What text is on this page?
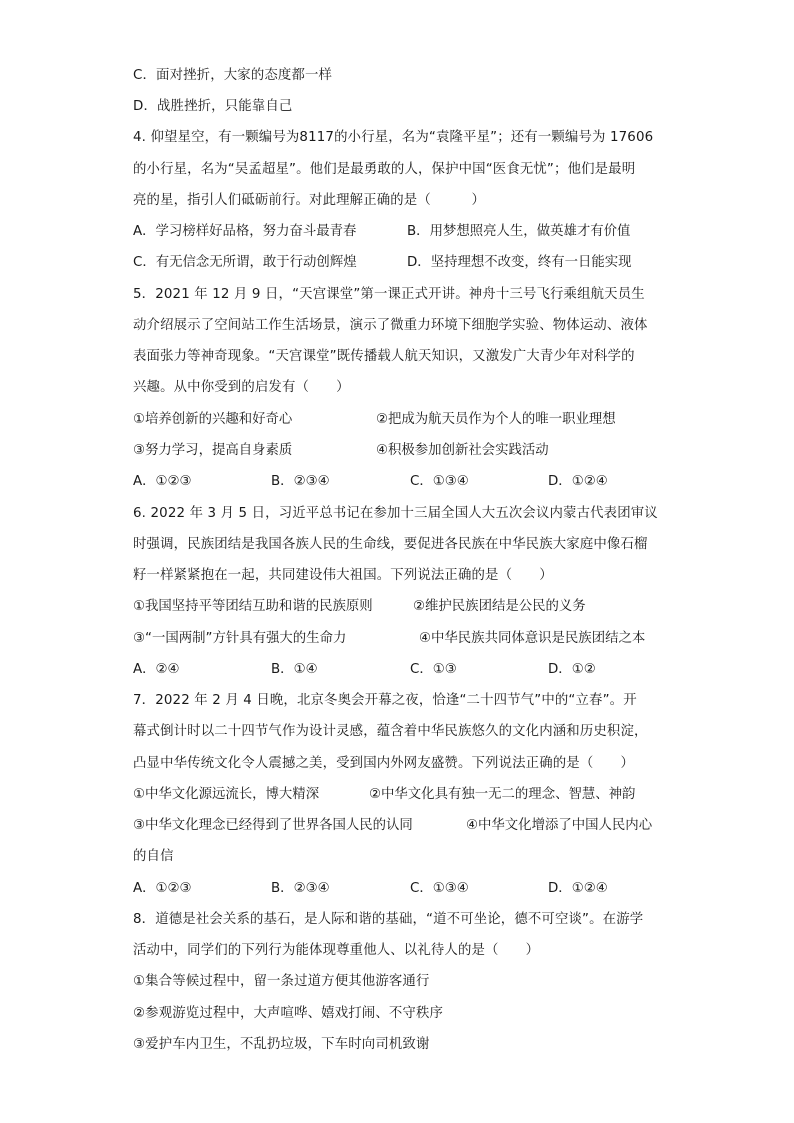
C．面对挫折，大家的态度都一样
D．战胜挫折，只能靠自己
4. 仰望星空，有一颗编号为8117的小行星，名为“袁隆平星”；还有一颗编号为 17606
的小行星，名为“吴孟超星”。他们是最勇敢的人，保护中国“医食无忧”；他们是最明
亮的星，指引人们砥砺前行。对此理解正确的是（　　　）
A．学习榜样好品格，努力奋斗最青春	B．用梦想照亮人生，做英雄才有价值
C．有无信念无所谓，敢于行动创辉煌	D．坚持理想不改变，终有一日能实现
5．2021 年 12 月 9 日，“天宫课堂”第一课正式开讲。神舟十三号飞行乘组航天员生
动介绍展示了空间站工作生活场景，演示了微重力环境下细胞学实验、物体运动、液体
表面张力等神奇现象。“天宫课堂”既传播载人航天知识，又激发广大青少年对科学的
兴趣。从中你受到的启发有（　　）
①培养创新的兴趣和好奇心	②把成为航天员作为个人的唯一职业理想
③努力学习，提高自身素质	④积极参加创新社会实践活动
A．①②③	B．②③④	C．①③④	D．①②④
6. 2022 年 3 月 5 日，习近平总书记在参加十三届全国人大五次会议内蒙古代表团审议
时强调，民族团结是我国各族人民的生命线，要促进各民族在中华民族大家庭中像石榴
籽一样紧紧抱在一起，共同建设伟大祖国。下列说法正确的是（　　）
①我国坚持平等团结互助和谐的民族原则	②维护民族团结是公民的义务
③“一国两制”方针具有强大的生命力	④中华民族共同体意识是民族团结之本
A．②④	B．①④	C．①③	D．①②
7．2022 年 2 月 4 日晚，北京冬奥会开幕之夜，恰逢“二十四节气”中的“立春”。开
幕式倒计时以二十四节气作为设计灵感，蕴含着中华民族悠久的文化内涵和历史积淀，
凸显中华传统文化令人震撼之美，受到国内外网友盛赞。下列说法正确的是（　　）
①中华文化源远流长，博大精深	②中华文化具有独一无二的理念、智慧、神韵
③中华文化理念已经得到了世界各国人民的认同	④中华文化增添了中国人民内心
的自信
A．①②③	B．②③④	C．①③④	D．①②④
8．道德是社会关系的基石，是人际和谐的基础，“道不可坐论，德不可空谈”。在游学
活动中，同学们的下列行为能体现尊重他人、以礼待人的是（　　）
①集合等候过程中，留一条过道方便其他游客通行
②参观游览过程中，大声喧哗、嬉戏打闹、不守秩序
③爱护车内卫生，不乱扔垃圾，下车时向司机致谢
